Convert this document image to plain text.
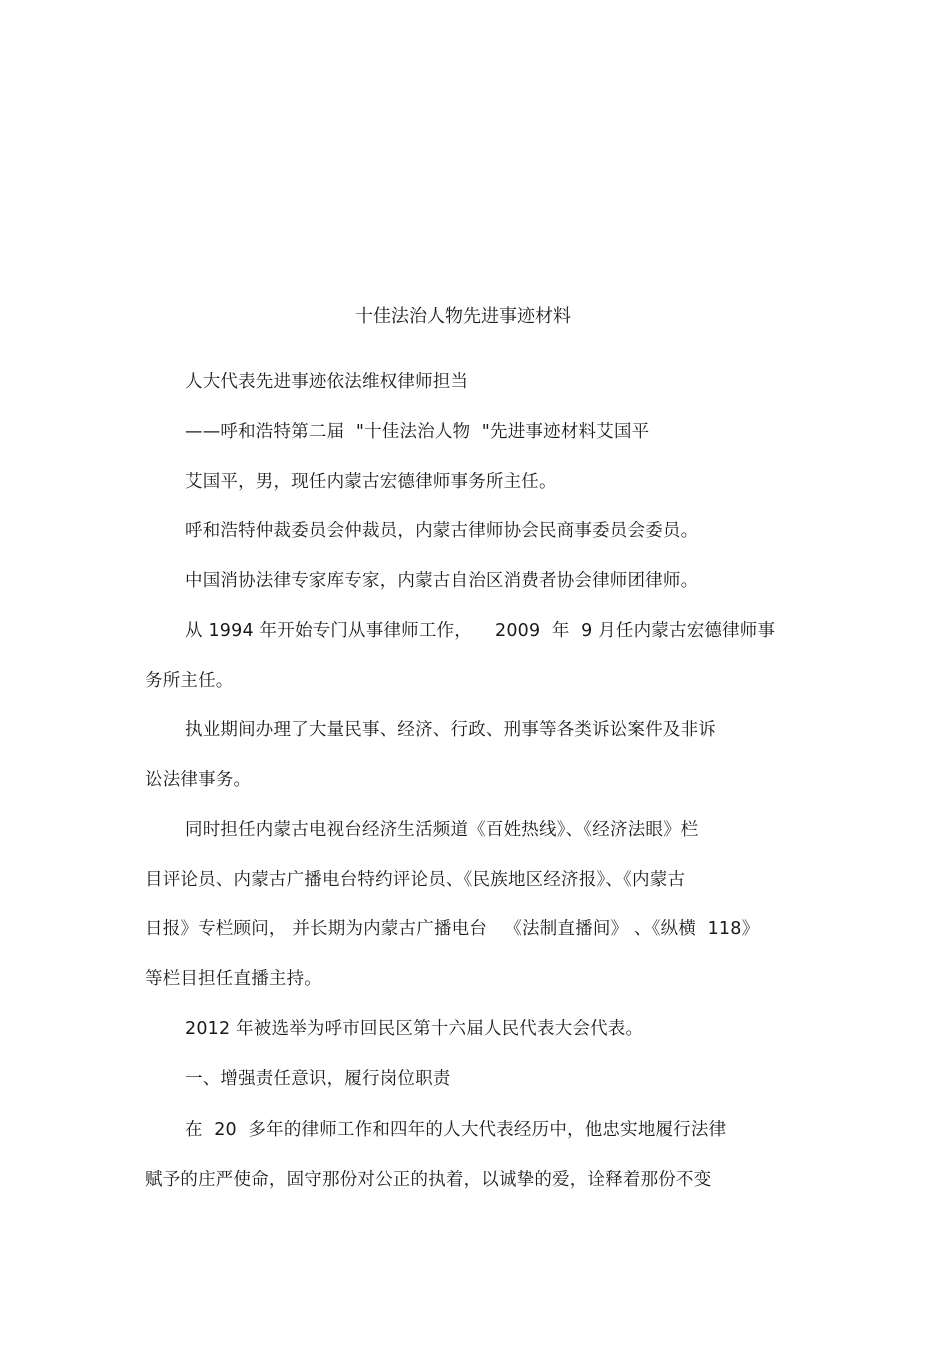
十佳法治人物先进事迹材料
人大代表先进事迹依法维权律师担当
——呼和浩特第二届  "十佳法治人物  "先进事迹材料艾国平
艾国平，男，现任内蒙古宏德律师事务所主任。
呼和浩特仲裁委员会仲裁员，内蒙古律师协会民商事委员会委员。
中国消协法律专家库专家，内蒙古自治区消费者协会律师团律师。
从 1994 年开始专门从事律师工作，    2009  年  9 月任内蒙古宏德律师事
务所主任。
执业期间办理了大量民事、经济、行政、刑事等各类诉讼案件及非诉
讼法律事务。
同时担任内蒙古电视台经济生活频道《百姓热线》、《经济法眼》栏
目评论员、内蒙古广播电台特约评论员、《民族地区经济报》、《内蒙古
日报》专栏顾问， 并长期为内蒙古广播电台   《法制直播间》 、《纵横  118》
等栏目担任直播主持。
2012 年被选举为呼市回民区第十六届人民代表大会代表。
一、增强责任意识，履行岗位职责
在  20  多年的律师工作和四年的人大代表经历中，他忠实地履行法律
赋予的庄严使命，固守那份对公正的执着，以诚挚的爱，诠释着那份不变
